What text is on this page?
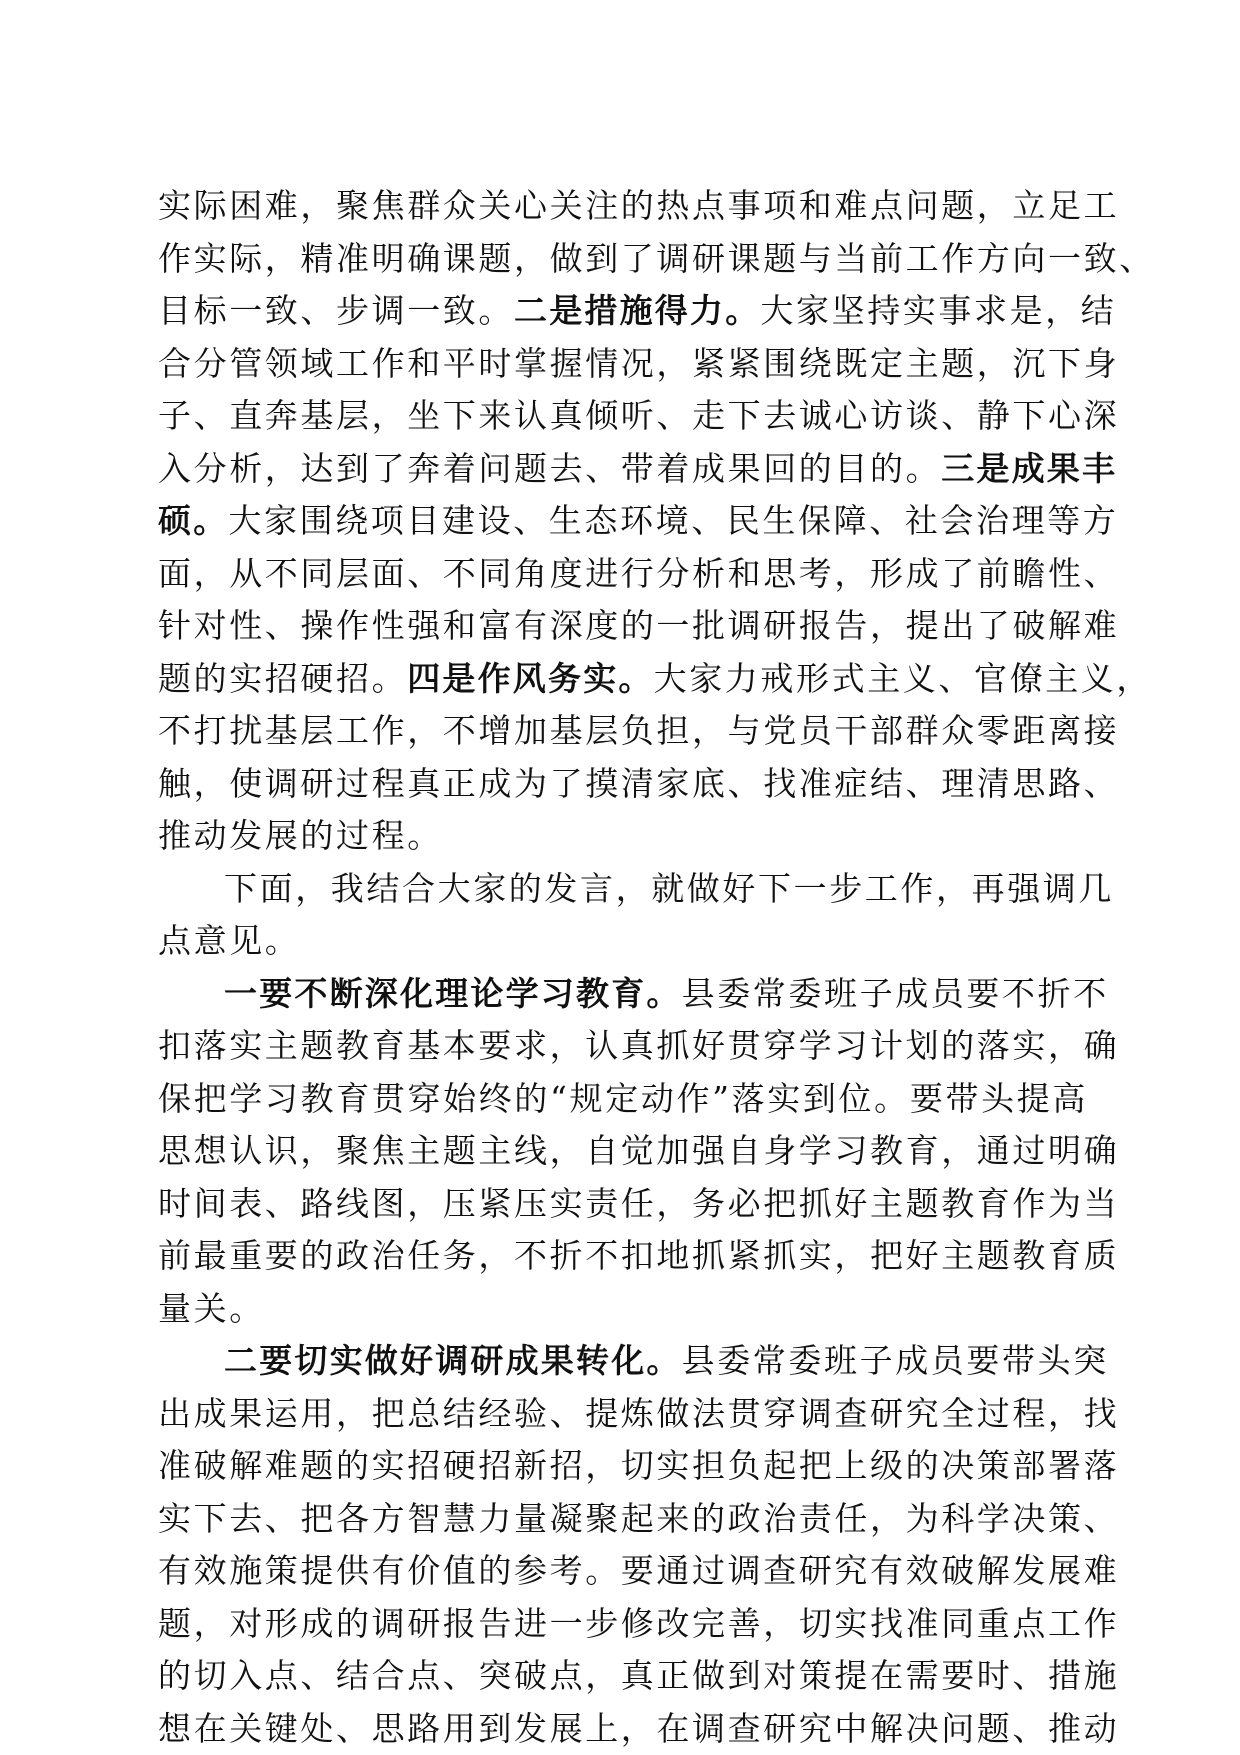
实际困难，聚焦群众关心关注的热点事项和难点问题，立足工
作实际，精准明确课题，做到了调研课题与当前工作方向一致、
目标一致、步调一致。二是措施得力。大家坚持实事求是，结
合分管领域工作和平时掌握情况，紧紧围绕既定主题，沉下身
子、直奔基层，坐下来认真倾听、走下去诚心访谈、静下心深
入分析，达到了奔着问题去、带着成果回的目的。三是成果丰
硕。大家围绕项目建设、生态环境、民生保障、社会治理等方
面，从不同层面、不同角度进行分析和思考，形成了前瞻性、
针对性、操作性强和富有深度的一批调研报告，提出了破解难
题的实招硬招。四是作风务实。大家力戒形式主义、官僚主义，
不打扰基层工作，不增加基层负担，与党员干部群众零距离接
触，使调研过程真正成为了摸清家底、找准症结、理清思路、
推动发展的过程。
下面，我结合大家的发言，就做好下一步工作，再强调几
点意见。
一要不断深化理论学习教育。县委常委班子成员要不折不
扣落实主题教育基本要求，认真抓好贯穿学习计划的落实，确
保把学习教育贯穿始终的“规定动作”落实到位。要带头提高
思想认识，聚焦主题主线，自觉加强自身学习教育，通过明确
时间表、路线图，压紧压实责任，务必把抓好主题教育作为当
前最重要的政治任务，不折不扣地抓紧抓实，把好主题教育质
量关。
二要切实做好调研成果转化。县委常委班子成员要带头突
出成果运用，把总结经验、提炼做法贯穿调查研究全过程，找
准破解难题的实招硬招新招，切实担负起把上级的决策部署落
实下去、把各方智慧力量凝聚起来的政治责任，为科学决策、
有效施策提供有价值的参考。要通过调查研究有效破解发展难
题，对形成的调研报告进一步修改完善，切实找准同重点工作
的切入点、结合点、突破点，真正做到对策提在需要时、措施
想在关键处、思路用到发展上，在调查研究中解决问题、推动
